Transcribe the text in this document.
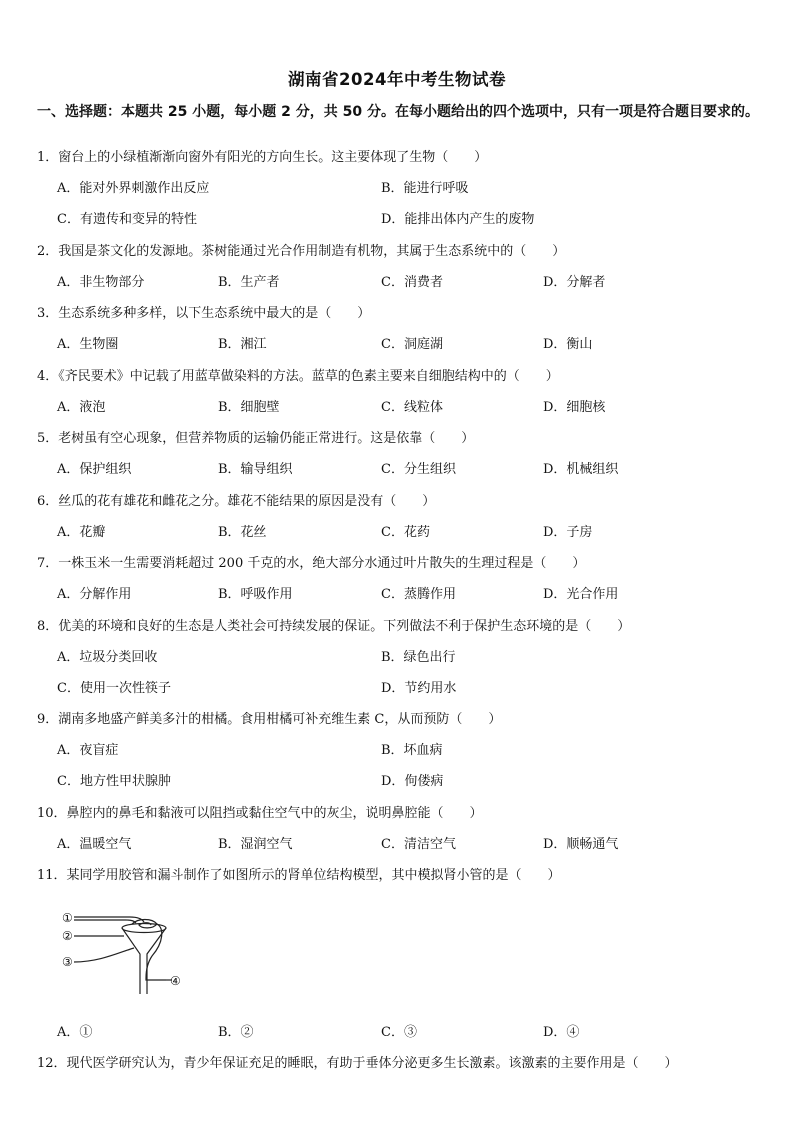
湖南省2024年中考生物试卷
一、选择题：本题共 25 小题，每小题 2 分，共 50 分。在每小题给出的四个选项中，只有一项是符合题目要求的。
1．窗台上的小绿植渐渐向窗外有阳光的方向生长。这主要体现了生物（　　）
A．能对外界刺激作出反应	B．能进行呼吸
C．有遗传和变异的特性	D．能排出体内产生的废物
2．我国是茶文化的发源地。茶树能通过光合作用制造有机物，其属于生态系统中的（　　）
A．非生物部分	B．生产者	C．消费者	D．分解者
3．生态系统多种多样，以下生态系统中最大的是（　　）
A．生物圈	B．湘江	C．洞庭湖	D．衡山
4．《齐民要术》中记载了用蓝草做染料的方法。蓝草的色素主要来自细胞结构中的（　　）
A．液泡	B．细胞壁	C．线粒体	D．细胞核
5．老树虽有空心现象，但营养物质的运输仍能正常进行。这是依靠（　　）
A．保护组织	B．输导组织	C．分生组织	D．机械组织
6．丝瓜的花有雄花和雌花之分。雄花不能结果的原因是没有（　　）
A．花瓣	B．花丝	C．花药	D．子房
7．一株玉米一生需要消耗超过 200 千克的水，绝大部分水通过叶片散失的生理过程是（　　）
A．分解作用	B．呼吸作用	C．蒸腾作用	D．光合作用
8．优美的环境和良好的生态是人类社会可持续发展的保证。下列做法不利于保护生态环境的是（　　）
A．垃圾分类回收	B．绿色出行
C．使用一次性筷子	D．节约用水
9．湖南多地盛产鲜美多汁的柑橘。食用柑橘可补充维生素 C，从而预防（　　）
A．夜盲症	B．坏血病
C．地方性甲状腺肿	D．佝偻病
10．鼻腔内的鼻毛和黏液可以阻挡或黏住空气中的灰尘，说明鼻腔能（　　）
A．温暖空气	B．湿润空气	C．清洁空气	D．顺畅通气
11．某同学用胶管和漏斗制作了如图所示的肾单位结构模型，其中模拟肾小管的是（　　）
①
②
③
④
A．①	B．②	C．③	D．④
12．现代医学研究认为，青少年保证充足的睡眠，有助于垂体分泌更多生长激素。该激素的主要作用是（　　）
